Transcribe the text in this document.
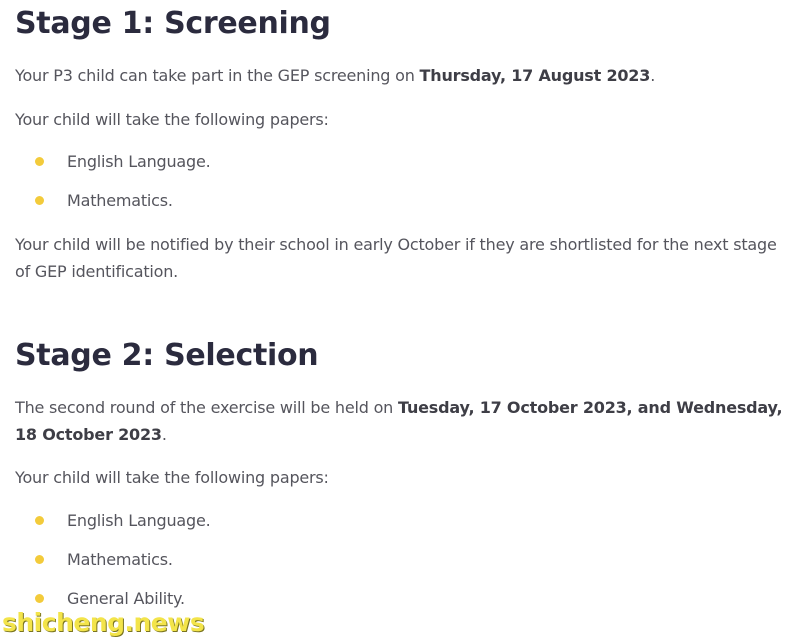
Stage 1: Screening

Your P3 child can take part in the GEP screening on Thursday, 17 August 2023.

Your child will take the following papers:

English Language.
Mathematics.

Your child will be notified by their school in early October if they are shortlisted for the next stage of GEP identification.

Stage 2: Selection

The second round of the exercise will be held on Tuesday, 17 October 2023, and Wednesday, 18 October 2023.

Your child will take the following papers:

English Language.
Mathematics.
General Ability.
shicheng.news
